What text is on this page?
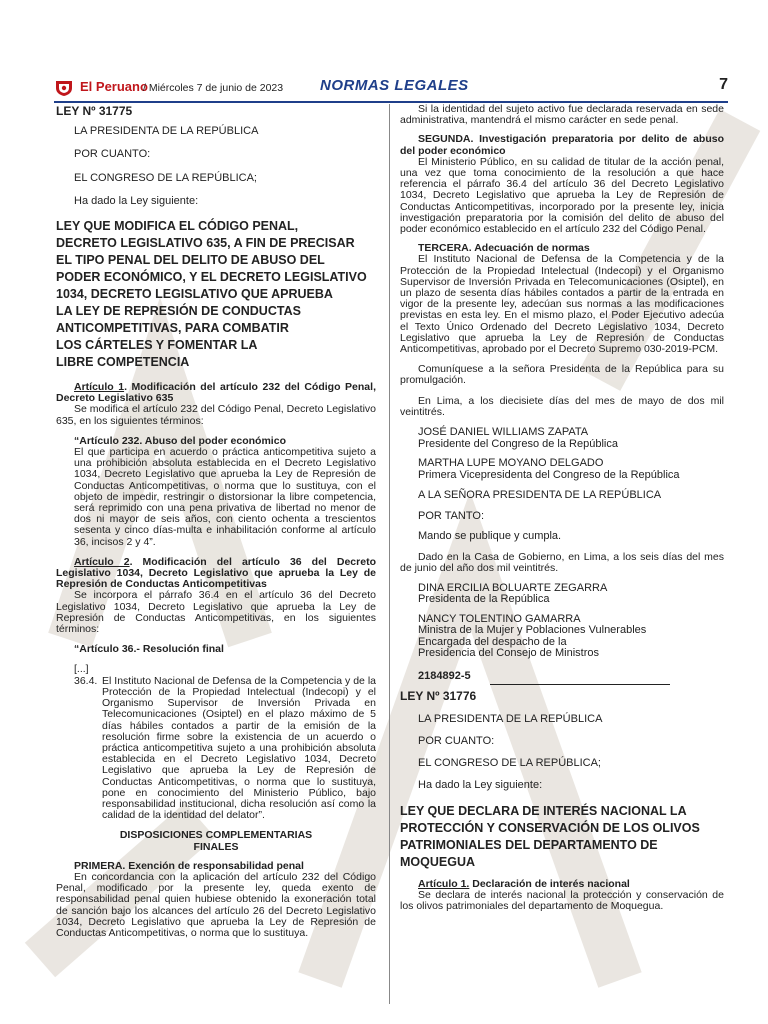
El Peruano
/ Miércoles 7 de junio de 2023 NORMAS LEGALES	7

LEY Nº 31775

LA PRESIDENTA DE LA REPÚBLICA

POR CUANTO:

EL CONGRESO DE LA REPÚBLICA;

Ha dado la Ley siguiente:

LEY QUE MODIFICA EL CÓDIGO PENAL,

DECRETO LEGISLATIVO 635, A FIN DE PRECISAR

EL TIPO PENAL DEL DELITO DE ABUSO DEL

PODER ECONÓMICO, Y EL DECRETO LEGISLATIVO

1034, DECRETO LEGISLATIVO QUE APRUEBA

LA LEY DE REPRESIÓN DE CONDUCTAS

ANTICOMPETITIVAS, PARA COMBATIR

LOS CÁRTELES Y FOMENTAR LA

LIBRE COMPETENCIA

Artículo 1. Modificación del artículo 232 del Código Penal, Decreto Legislativo 635

Se modifica el artículo 232 del Código Penal, Decreto Legislativo 635, en los siguientes términos:

“Artículo 232. Abuso del poder económico

El que participa en acuerdo o práctica anticompetitiva sujeto a una prohibición absoluta establecida en el Decreto Legislativo 1034, Decreto Legislativo que aprueba la Ley de Represión de Conductas Anticompetitivas, o norma que lo sustituya, con el objeto de impedir, restringir o distorsionar la libre competencia, será reprimido con una pena privativa de libertad no menor de dos ni mayor de seis años, con ciento ochenta a trescientos sesenta y cinco días-multa e inhabilitación conforme al artículo 36, incisos 2 y 4”.

Artículo 2. Modificación del artículo 36 del Decreto Legislativo 1034, Decreto Legislativo que aprueba la Ley de Represión de Conductas Anticompetitivas

Se incorpora el párrafo 36.4 en el artículo 36 del Decreto Legislativo 1034, Decreto Legislativo que aprueba la Ley de Represión de Conductas Anticompetitivas, en los siguientes términos:

“Artículo 36.- Resolución final

[...]

36.4. El Instituto Nacional de Defensa de la Competencia y de la Protección de la Propiedad Intelectual (Indecopi) y el Organismo Supervisor de Inversión Privada en Telecomunicaciones (Osiptel) en el plazo máximo de 5 días hábiles contados a partir de la emisión de la resolución firme sobre la existencia de un acuerdo o práctica anticompetitiva sujeto a una prohibición absoluta establecida en el Decreto Legislativo 1034, Decreto Legislativo que aprueba la Ley de Represión de Conductas Anticompetitivas, o norma que lo sustituya, pone en conocimiento del Ministerio Público, bajo responsabilidad institucional, dicha resolución así como la calidad de la identidad del delator”.

DISPOSICIONES COMPLEMENTARIAS FINALES

PRIMERA. Exención de responsabilidad penal

En concordancia con la aplicación del artículo 232 del Código Penal, modificado por la presente ley, queda exento de responsabilidad penal quien hubiese obtenido la exoneración total de sanción bajo los alcances del artículo 26 del Decreto Legislativo 1034, Decreto Legislativo que aprueba la Ley de Represión de Conductas Anticompetitivas, o norma que lo sustituya.

Si la identidad del sujeto activo fue declarada reservada en sede administrativa, mantendrá el mismo carácter en sede penal.

SEGUNDA. Investigación preparatoria por delito de abuso del poder económico

El Ministerio Público, en su calidad de titular de la acción penal, una vez que toma conocimiento de la resolución a que hace referencia el párrafo 36.4 del artículo 36 del Decreto Legislativo 1034, Decreto Legislativo que aprueba la Ley de Represión de Conductas Anticompetitivas, incorporado por la presente ley, inicia investigación preparatoria por la comisión del delito de abuso del poder económico establecido en el artículo 232 del Código Penal.

TERCERA. Adecuación de normas

El Instituto Nacional de Defensa de la Competencia y de la Protección de la Propiedad Intelectual (Indecopi) y el Organismo Supervisor de Inversión Privada en Telecomunicaciones (Osiptel), en un plazo de sesenta días hábiles contados a partir de la entrada en vigor de la presente ley, adecúan sus normas a las modificaciones previstas en esta ley. En el mismo plazo, el Poder Ejecutivo adecúa el Texto Único Ordenado del Decreto Legislativo 1034, Decreto Legislativo que aprueba la Ley de Represión de Conductas Anticompetitivas, aprobado por el Decreto Supremo 030-2019-PCM.

Comuníquese a la señora Presidenta de la República para su promulgación.

En Lima, a los diecisiete días del mes de mayo de dos mil veintitrés.

JOSÉ DANIEL WILLIAMS ZAPATA

Presidente del Congreso de la República

MARTHA LUPE MOYANO DELGADO

Primera Vicepresidenta del Congreso de la República

A LA SEÑORA PRESIDENTA DE LA REPÚBLICA

POR TANTO:

Mando se publique y cumpla.

Dado en la Casa de Gobierno, en Lima, a los seis días del mes de junio del año dos mil veintitrés.

DINA ERCILIA BOLUARTE ZEGARRA

Presidenta de la República

NANCY TOLENTINO GAMARRA

Ministra de la Mujer y Poblaciones Vulnerables

Encargada del despacho de la

Presidencia del Consejo de Ministros

2184892-5

LEY Nº 31776

LA PRESIDENTA DE LA REPÚBLICA

POR CUANTO:

EL CONGRESO DE LA REPÚBLICA;

Ha dado la Ley siguiente:

LEY QUE DECLARA DE INTERÉS NACIONAL LA

PROTECCIÓN Y CONSERVACIÓN DE LOS OLIVOS

PATRIMONIALES DEL DEPARTAMENTO DE

MOQUEGUA

Artículo 1. Declaración de interés nacional

Se declara de interés nacional la protección y conservación de los olivos patrimoniales del departamento de Moquegua.
